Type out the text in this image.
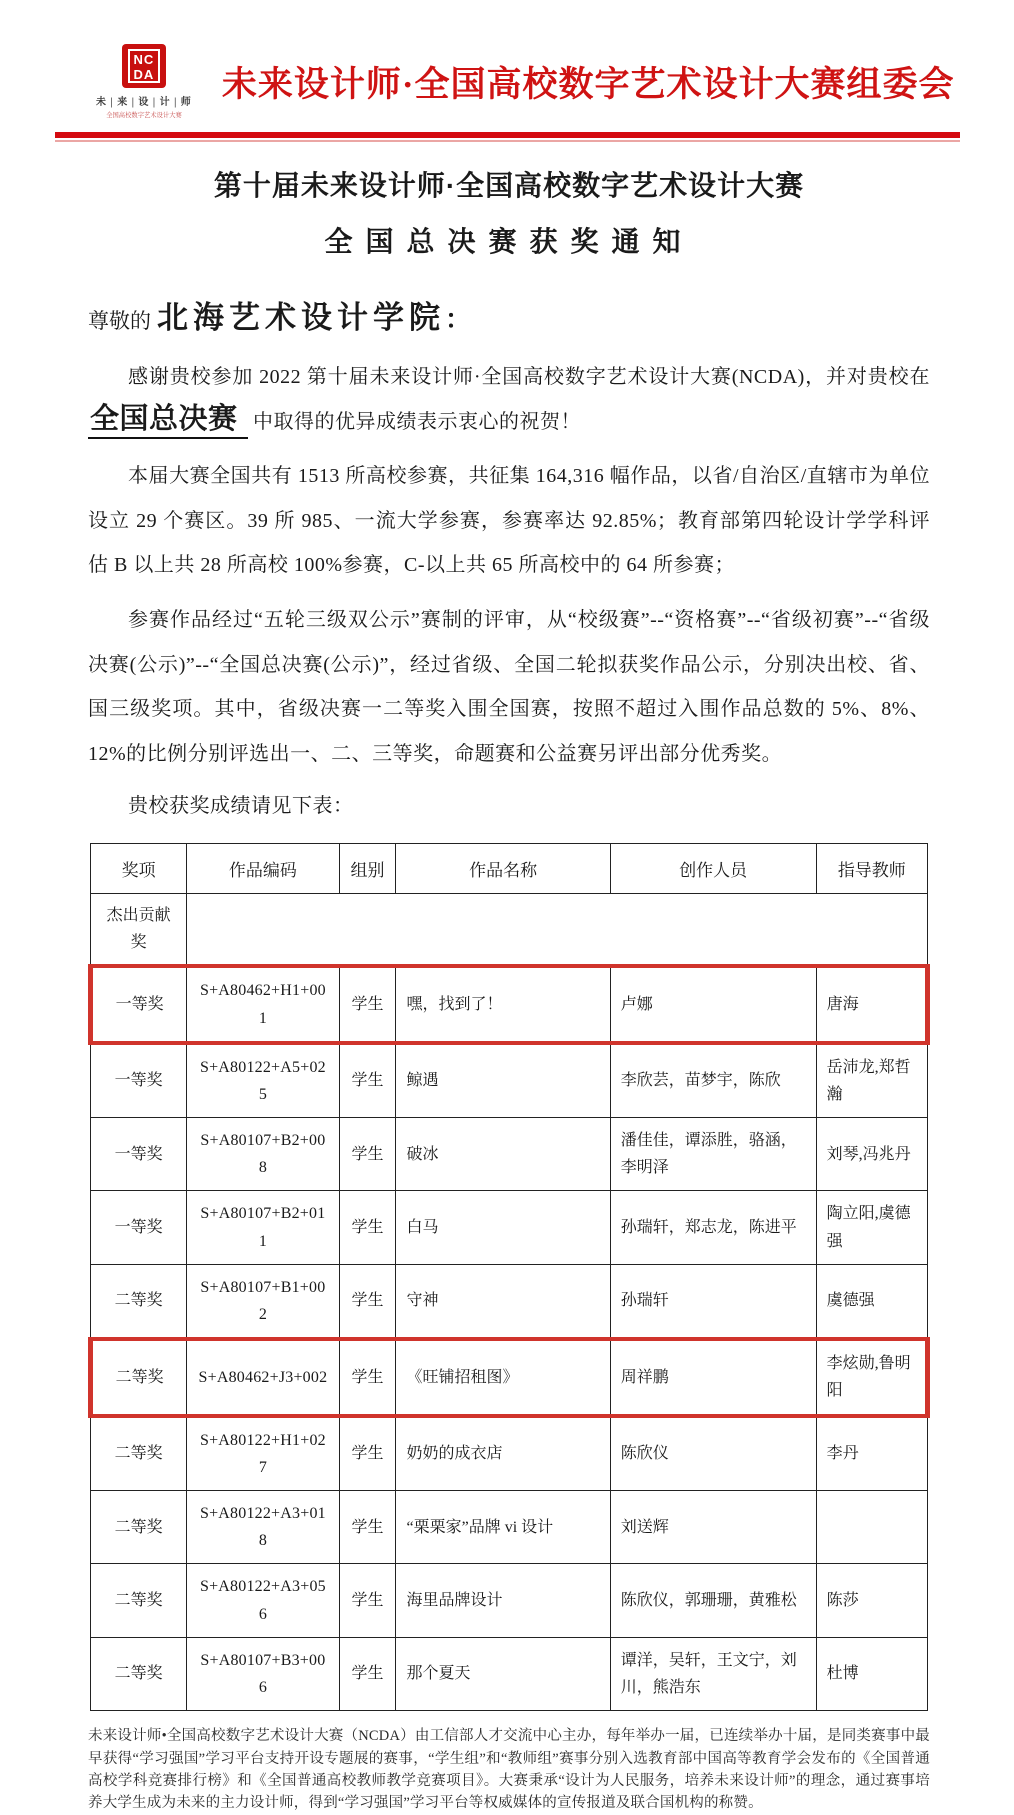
NC
DA
未 | 来 | 设 | 计 | 师
全国高校数字艺术设计大赛
未来设计师·全国高校数字艺术设计大赛组委会
第十届未来设计师·全国高校数字艺术设计大赛
全国总决赛获奖通知
尊敬的 北海艺术设计学院 ：

感谢贵校参加 2022 第十届未来设计师·全国高校数字艺术设计大赛(NCDA)，并对贵校在全国总决赛 中取得的优异成绩表示衷心的祝贺！

本届大赛全国共有 1513 所高校参赛，共征集 164,316 幅作品，以省/自治区/直辖市为单位设立 29 个赛区。39 所 985、一流大学参赛，参赛率达 92.85%；教育部第四轮设计学学科评估 B 以上共 28 所高校 100%参赛，C-以上共 65 所高校中的 64 所参赛；

参赛作品经过“五轮三级双公示”赛制的评审，从“校级赛”--“资格赛”--“省级初赛”--“省级决赛(公示)”--“全国总决赛(公示)”，经过省级、全国二轮拟获奖作品公示，分别决出校、省、国三级奖项。其中，省级决赛一二等奖入围全国赛，按照不超过入围作品总数的 5%、8%、12%的比例分别评选出一、二、三等奖，命题赛和公益赛另评出部分优秀奖。

贵校获奖成绩请见下表：

奖项	作品编码	组别	作品名称	创作人员	指导教师
杰出贡献奖					
一等奖	S+A80462+H1+001	学生	嘿，找到了！	卢娜	唐海
一等奖	S+A80122+A5+025	学生	鲸遇	李欣芸，苗梦宇，陈欣	岳沛龙,郑哲瀚
一等奖	S+A80107+B2+008	学生	破冰	潘佳佳，谭添胜，骆涵，李明泽	刘琴,冯兆丹
一等奖	S+A80107+B2+011	学生	白马	孙瑞轩，郑志龙，陈进平	陶立阳,虞德强
二等奖	S+A80107+B1+002	学生	守神	孙瑞轩	虞德强
二等奖	S+A80462+J3+002	学生	《旺铺招租图》	周祥鹏	李炫勋,鲁明阳
二等奖	S+A80122+H1+027	学生	奶奶的成衣店	陈欣仪	李丹
二等奖	S+A80122+A3+018	学生	“栗栗家”品牌 vi 设计	刘送辉	
二等奖	S+A80122+A3+056	学生	海里品牌设计	陈欣仪，郭珊珊，黄雅松	陈莎
二等奖	S+A80107+B3+006	学生	那个夏天	谭洋，吴轩，王文宁，刘川，熊浩东	杜博

未来设计师•全国高校数字艺术设计大赛（NCDA）由工信部人才交流中心主办，每年举办一届，已连续举办十届，是同类赛事中最早获得“学习强国”学习平台支持开设专题展的赛事，“学生组”和“教师组”赛事分别入选教育部中国高等教育学会发布的《全国普通高校学科竞赛排行榜》和《全国普通高校教师教学竞赛项目》。大赛秉承“设计为人民服务，培养未来设计师”的理念，通过赛事培养大学生成为未来的主力设计师，得到“学习强国”学习平台等权威媒体的宣传报道及联合国机构的称赞。
